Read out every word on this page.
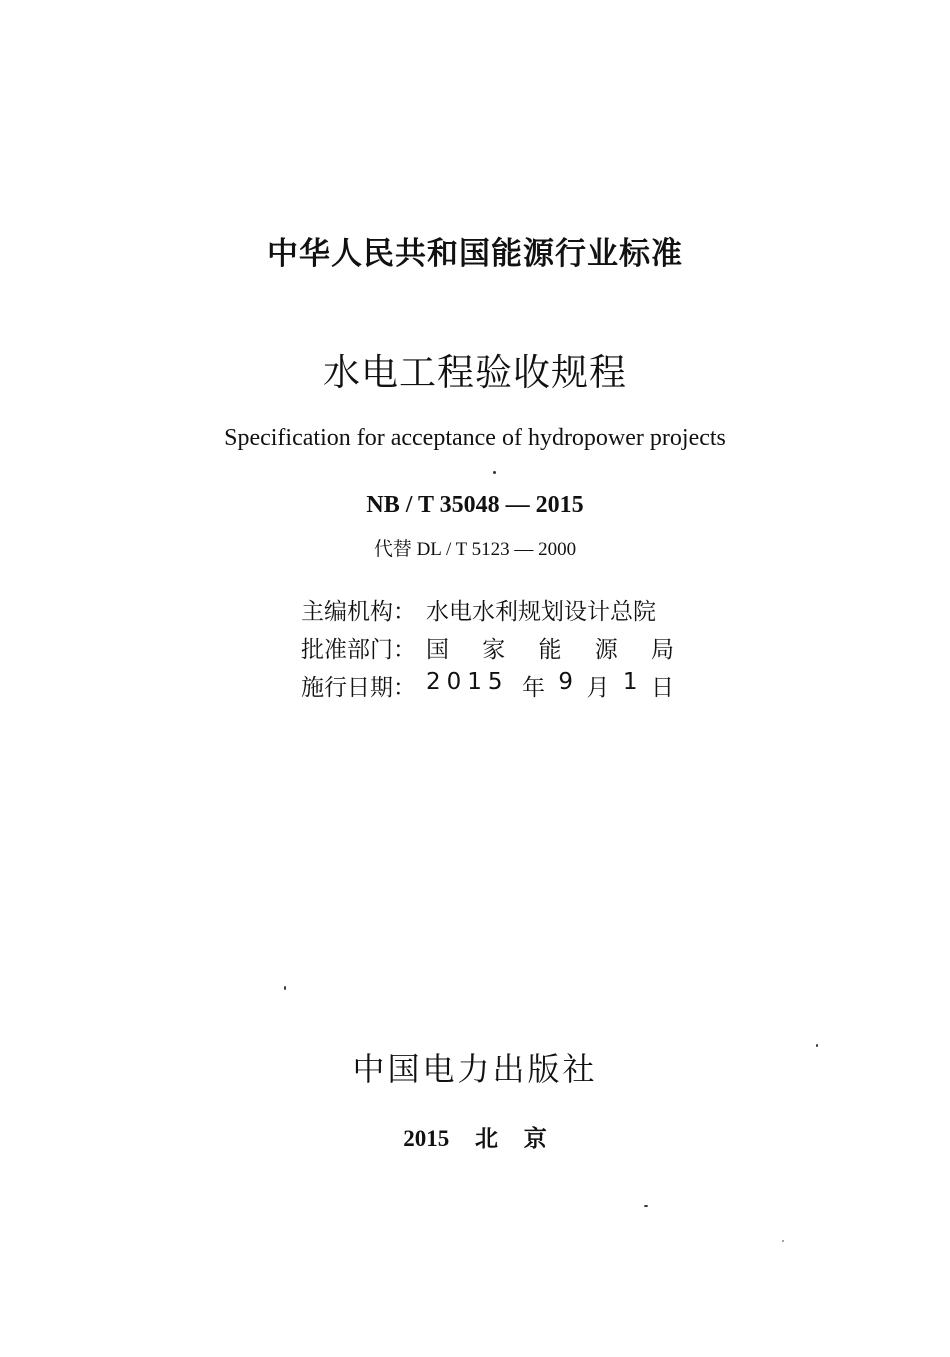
中华人民共和国能源行业标准
水电工程验收规程
Specification for acceptance of hydropower projects
NB / T 35048 — 2015
代替 DL / T 5123 — 2000
主编机构： 水电水利规划设计总院
批准部门： 国 家 能 源 局
施行日期： 2015 年 9 月 1 日
中国电力出版社
2015 北 京
